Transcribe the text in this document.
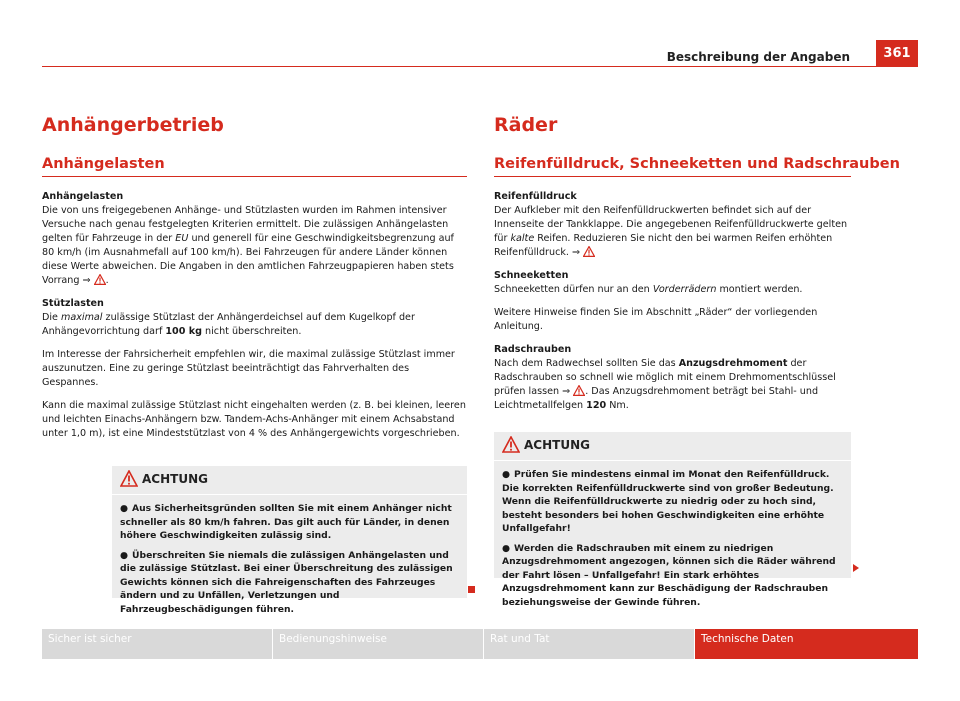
Beschreibung der Angaben	361
Anhängerbetrieb
Anhängelasten

Anhängelasten

Die von uns freigegebenen Anhänge- und Stützlasten wurden im Rahmen intensiver Versuche nach genau festgelegten Kriterien ermittelt. Die zulässigen Anhängelasten gelten für Fahrzeuge in der EU und generell für eine Geschwindigkeitsbegrenzung auf 80 km/h (im Ausnahmefall auf 100 km/h). Bei Fahrzeugen für andere Länder können diese Werte abweichen. Die Angaben in den amtlichen Fahrzeugpapieren haben stets Vorrang ⇒ .

Stützlasten

Die maximal zulässige Stützlast der Anhängerdeichsel auf dem Kugelkopf der Anhängevorrichtung darf 100 kg nicht überschreiten.

Im Interesse der Fahrsicherheit empfehlen wir, die maximal zulässige Stützlast immer auszunutzen. Eine zu geringe Stützlast beeinträchtigt das Fahrverhalten des Gespannes.

Kann die maximal zulässige Stützlast nicht eingehalten werden (z. B. bei kleinen, leeren und leichten Einachs-Anhängern bzw. Tandem-Achs-Anhänger mit einem Achsabstand unter 1,0 m), ist eine Mindeststützlast von 4 % des Anhängergewichts vorgeschrieben.

ACHTUNG
● Aus Sicherheitsgründen sollten Sie mit einem Anhänger nicht schneller als 80 km/h fahren. Das gilt auch für Länder, in denen höhere Geschwindigkeiten zulässig sind.
● Überschreiten Sie niemals die zulässigen Anhängelasten und die zulässige Stützlast. Bei einer Überschreitung des zulässigen Gewichts können sich die Fahreigenschaften des Fahrzeuges ändern und zu Unfällen, Verletzungen und Fahrzeugbeschädigungen führen.
Räder
Reifenfülldruck, Schneeketten und Radschrauben

Reifenfülldruck

Der Aufkleber mit den Reifenfülldruckwerten befindet sich auf der Innenseite der Tankklappe. Die angegebenen Reifenfülldruckwerte gelten für kalte Reifen. Reduzieren Sie nicht den bei warmen Reifen erhöhten Reifenfülldruck. ⇒

Schneeketten

Schneeketten dürfen nur an den Vorderrädern montiert werden.

Weitere Hinweise finden Sie im Abschnitt „Räder“ der vorliegenden Anleitung.

Radschrauben

Nach dem Radwechsel sollten Sie das Anzugsdrehmoment der Radschrauben so schnell wie möglich mit einem Drehmomentschlüssel prüfen lassen ⇒ . Das Anzugsdrehmoment beträgt bei Stahl- und Leichtmetallfelgen 120 Nm.

ACHTUNG
● Prüfen Sie mindestens einmal im Monat den Reifenfülldruck. Die korrekten Reifenfülldruckwerte sind von großer Bedeutung. Wenn die Reifenfülldruckwerte zu niedrig oder zu hoch sind, besteht besonders bei hohen Geschwindigkeiten eine erhöhte Unfallgefahr!
● Werden die Radschrauben mit einem zu niedrigen Anzugsdrehmoment angezogen, können sich die Räder während der Fahrt lösen – Unfallgefahr! Ein stark erhöhtes Anzugsdrehmoment kann zur Beschädigung der Radschrauben beziehungsweise der Gewinde führen.
Sicher ist sicher	Bedienungshinweise	Rat und Tat	Technische Daten
